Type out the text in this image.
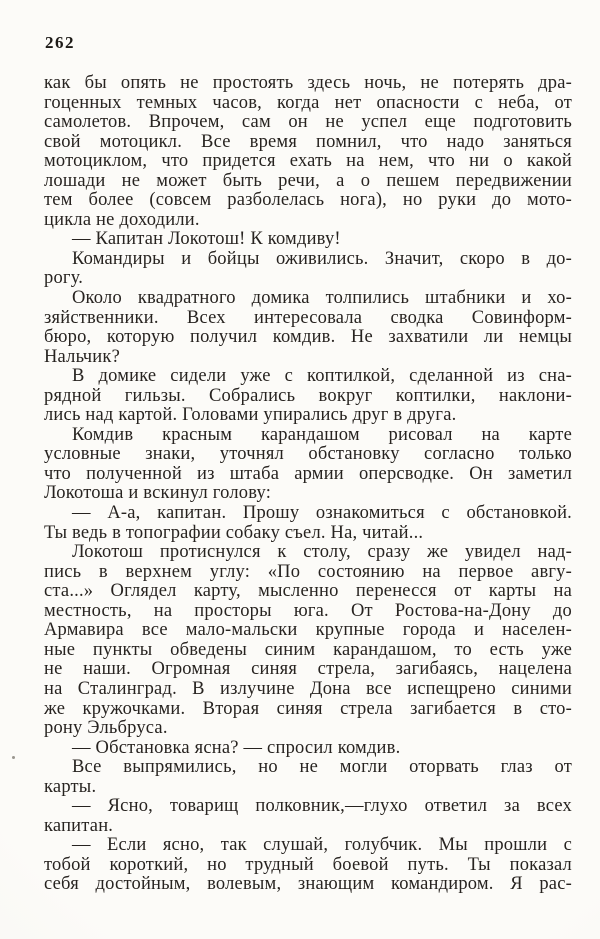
262
как бы опять не простоять здесь ночь, не потерять дра-
гоценных темных часов, когда нет опасности с неба, от
самолетов. Впрочем, сам он не успел еще подготовить
свой мотоцикл. Все время помнил, что надо заняться
мотоциклом, что придется ехать на нем, что ни о какой
лошади не может быть речи, а о пешем передвижении
тем более (совсем разболелась нога), но руки до мото-
цикла не доходили.
— Капитан Локотош! К комдиву!
Командиры и бойцы оживились. Значит, скоро в до-
рогу.
Около квадратного домика толпились штабники и хо-
зяйственники. Всех интересовала сводка Совинформ-
бюро, которую получил комдив. Не захватили ли немцы
Нальчик?
В домике сидели уже с коптилкой, сделанной из сна-
рядной гильзы. Собрались вокруг коптилки, наклони-
лись над картой. Головами упирались друг в друга.
Комдив красным карандашом рисовал на карте
условные знаки, уточнял обстановку согласно только
что полученной из штаба армии оперсводке. Он заметил
Локотоша и вскинул голову:
— А-а, капитан. Прошу ознакомиться с обстановкой.
Ты ведь в топографии собаку съел. На, читай...
Локотош протиснулся к столу, сразу же увидел над-
пись в верхнем углу: «По состоянию на первое авгу-
ста...» Оглядел карту, мысленно перенесся от карты на
местность, на просторы юга. От Ростова-на-Дону до
Армавира все мало-мальски крупные города и населен-
ные пункты обведены синим карандашом, то есть уже
не наши. Огромная синяя стрела, загибаясь, нацелена
на Сталинград. В излучине Дона все испещрено синими
же кружочками. Вторая синяя стрела загибается в сто-
рону Эльбруса.
— Обстановка ясна? — спросил комдив.
Все выпрямились, но не могли оторвать глаз от
карты.
— Ясно, товарищ полковник,—глухо ответил за всех
капитан.
— Если ясно, так слушай, голубчик. Мы прошли с
тобой короткий, но трудный боевой путь. Ты показал
себя достойным, волевым, знающим командиром. Я рас-
